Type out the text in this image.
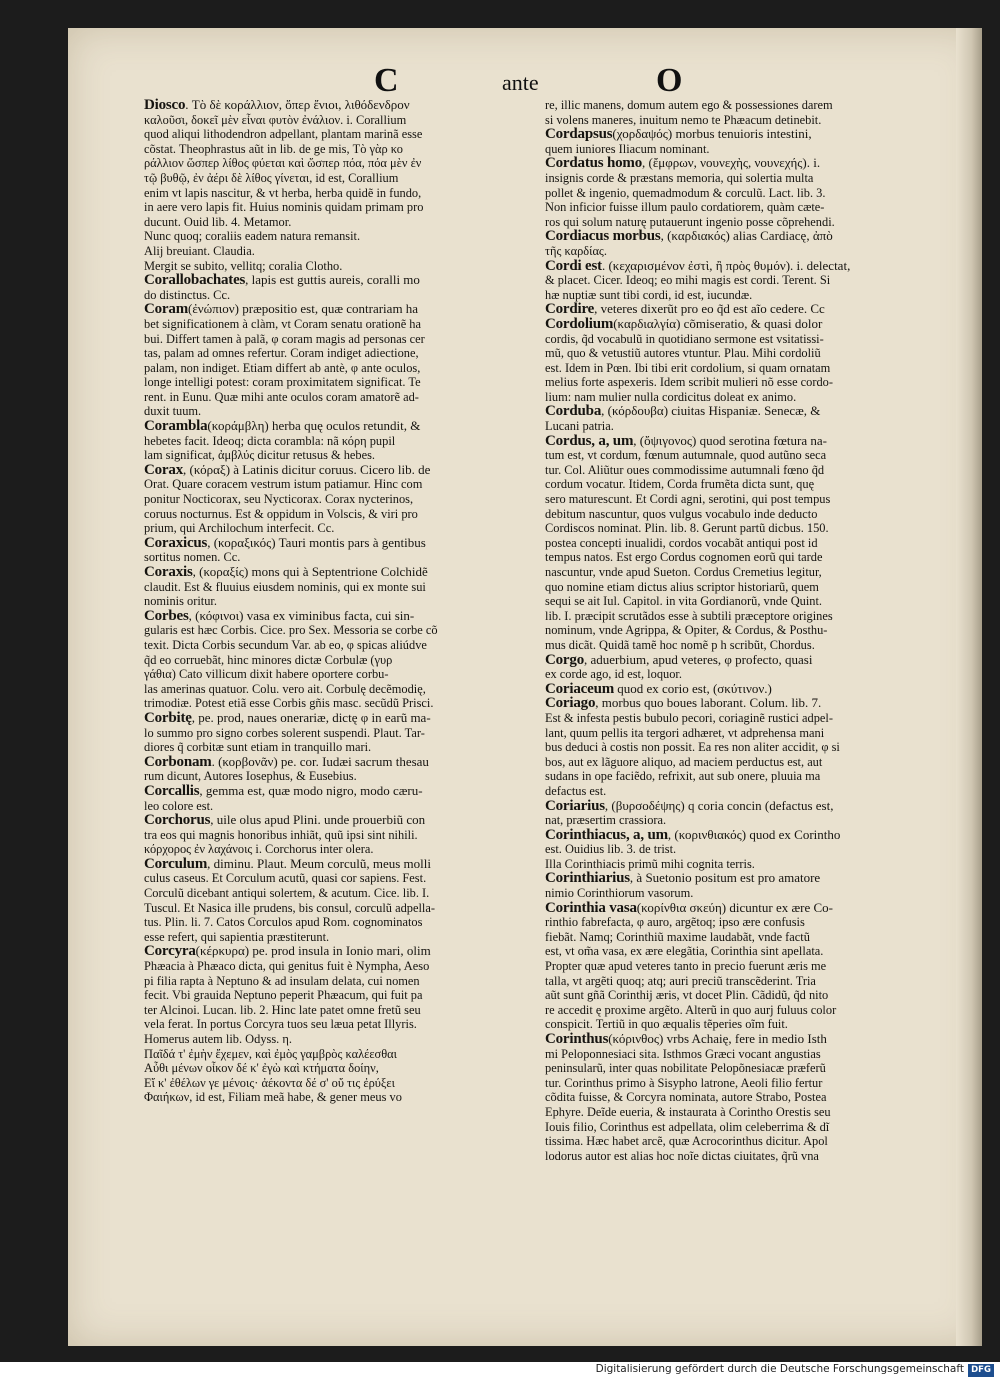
C	ante	O
Diosco. Τὸ δὲ κοράλλιον, ὅπερ ἔνιοι, λιθόδενδρον
καλοῦσι, δοκεῖ μὲν εἶναι φυτὸν ἐνάλιον. i. Corallium
quod aliqui lithodendron adpellant, plantam marinã esse
cõstat. Theophrastus aũt in lib. de ge mis, Τὸ γὰρ κο
ράλλιον ὥσπερ λίθος φύεται καὶ ὥσπερ πόα, πόα μὲν ἐν
τῷ βυθῷ, ἐν ἀέρι δὲ λίθος γίνεται, id est, Corallium
enim vt lapis nascitur, & vt herba, herba quidẽ in fundo,
in aere vero lapis fit. Huius nominis quidam primam pro
ducunt. Ouid lib. 4. Metamor.
Nunc quoq; coraliis eadem natura remansit.
Alij breuiant. Claudia.
Mergit se subito, vellitq; coralia Clotho.
Corallobachates, lapis est guttis aureis, coralli mo
do distinctus. Cc.
Coram(ἐνώπιον) præpositio est, quæ contrariam ha
bet significationem à clàm, vt Coram senatu orationẽ ha
bui. Differt tamen à palã, φ coram magis ad personas cer
tas, palam ad omnes refertur. Coram indiget adiectione,
palam, non indiget. Etiam differt ab antè, φ ante oculos,
longe intelligi potest: coram proximitatem significat. Te
rent. in Eunu. Quæ mihi ante oculos coram amatorẽ ad-
duxit tuum.
Corambla(κοράμβλη) herba quę oculos retundit, &
hebetes facit. Ideoq; dicta corambla: nã κόρη pupil
lam significat, ἀμβλύς dicitur retusus & hebes.
Corax, (κόραξ) à Latinis dicitur coruus. Cicero lib. de
Orat. Quare coracem vestrum istum patiamur. Hinc com
ponitur Nocticorax, seu Nycticorax. Corax nycterinos,
coruus nocturnus. Est & oppidum in Volscis, & viri pro
prium, qui Archilochum interfecit. Cc.
Coraxicus, (κοραξικός) Tauri montis pars à gentibus
sortitus nomen. Cc.
Coraxis, (κοραξίς) mons qui à Septentrione Colchidẽ
claudit. Est & fluuius eiusdem nominis, qui ex monte sui
nominis oritur.
Corbes, (κόφινοι) vasa ex viminibus facta, cui sin-
gularis est hæc Corbis. Cice. pro Sex. Messoria se corbe cõ
texit. Dicta Corbis secundum Var. ab eo, φ spicas aliúdve
q̃d eo corruebãt, hinc minores dictæ Corbulæ (γυρ
γάθια) Cato villicum dixit habere oportere corbu-
las amerinas quatuor. Colu. vero ait. Corbulę decẽmodię,
trimodiæ. Potest etiã esse Corbis gñis masc. secũdũ Prisci.
Corbitę, pe. prod, naues onerariæ, dictę φ in earũ ma-
lo summo pro signo corbes solerent suspendi. Plaut. Tar-
diores q̃ corbitæ sunt etiam in tranquillo mari.
Corbonam. (κορβονᾶν) pe. cor. Iudæi sacrum thesau
rum dicunt, Autores Iosephus, & Eusebius.
Corcallis, gemma est, quæ modo nigro, modo cæru-
leo colore est.
Corchorus, uile olus apud Plini. unde prouerbiũ con
tra eos qui magnis honoribus inhiãt, quũ ipsi sint nihili.
κόρχορος ἐν λαχάνοις i. Corchorus inter olera.
Corculum, diminu. Plaut. Meum corculũ, meus molli
culus caseus. Et Corculum acutũ, quasi cor sapiens. Fest.
Corculũ dicebant antiqui solertem, & acutum. Cice. lib. I.
Tuscul. Et Nasica ille prudens, bis consul, corculũ adpella-
tus. Plin. li. 7. Catos Corculos apud Rom. cognominatos
esse refert, qui sapientia præstiterunt.
Corcyra(κέρκυρα) pe. prod insula in Ionio mari, olim
Phæacia à Phæaco dicta, qui genitus fuit è Nympha, Aeso
pi filia rapta à Neptuno & ad insulam delata, cui nomen
fecit. Vbi grauida Neptuno peperit Phæacum, qui fuit pa
ter Alcinoi. Lucan. lib. 2. Hinc late patet omne fretũ seu
vela ferat. In portus Corcyra tuos seu læua petat Illyris.
Homerus autem lib. Odyss. η.
Παῖδά τ' ἐμὴν ἔχεμεν, καὶ ἐμὸς γαμβρὸς καλέεσθαι
Αὖθι μένων οἶκον δέ κ' ἐγὼ καὶ κτήματα δοίην,
Εἴ κ' ἐθέλων γε μένοις· ἀέκοντα δέ σ' οὔ τις ἐρύξει
Φαιήκων, id est, Filiam meã habe, & gener meus vo
re, illic manens, domum autem ego & possessiones darem
si volens maneres, inuitum nemo te Phæacum detinebit.
Cordapsus(χορδαψός) morbus tenuioris intestini,
quem iuniores Iliacum nominant.
Cordatus homo, (ἔμφρων, νουνεχὴς, νουνεχής). i.
insignis corde & præstans memoria, qui solertia multa
pollet & ingenio, quemadmodum & corculũ. Lact. lib. 3.
Non inficior fuisse illum paulo cordatiorem, quàm cæte-
ros qui solum naturę putauerunt ingenio posse cõprehendi.
Cordiacus morbus, (καρδιακός) alias Cardiacę, ἀπὸ
τῆς καρδίας.
Cordi est. (κεχαρισμένον ἐστὶ, ἢ πρὸς θυμόν). i. delectat,
& placet. Cicer. Ideoq; eo mihi magis est cordi. Terent. Si
hæ nuptiæ sunt tibi cordi, id est, iucundæ.
Cordire, veteres dixerũt pro eo q̃d est aĩo cedere. Cc
Cordolium(καρδιαλγία) cõmiseratio, & quasi dolor
cordis, q̃d vocabulũ in quotidiano sermone est vsitatissi-
mũ, quo & vetustiũ autores vtuntur. Plau. Mihi cordoliũ
est. Idem in Pœn. Ibi tibi erit cordolium, si quam ornatam
melius forte aspexeris. Idem scribit mulieri nõ esse cordo-
lium: nam mulier nulla cordicitus doleat ex animo.
Corduba, (κόρδουβα) ciuitas Hispaniæ. Senecæ, &
Lucani patria.
Cordus, a, um, (ὄψιγονος) quod serotina fœtura na-
tum est, vt cordum, fœnum autumnale, quod autũno seca
tur. Col. Aliũtur oues commodissime autumnali fœno q̃d
cordum vocatur. Itidem, Corda frumẽta dicta sunt, quę
sero maturescunt. Et Cordi agni, serotini, qui post tempus
debitum nascuntur, quos vulgus vocabulo inde deducto
Cordiscos nominat. Plin. lib. 8. Gerunt partũ dicbus. 150.
postea concepti inualidi, cordos vocabãt antiqui post id
tempus natos. Est ergo Cordus cognomen eorũ qui tarde
nascuntur, vnde apud Sueton. Cordus Cremetius legitur,
quo nomine etiam dictus alius scriptor historiarũ, quem
sequi se ait Iul. Capitol. in vita Gordianorũ, vnde Quint.
lib. I. præcipit scrutãdos esse à subtili præceptore origines
nominum, vnde Agrippa, & Opiter, & Cordus, & Posthu-
mus dicãt. Quidã tamẽ hoc nomẽ p h scribũt, Chordus.
Corgo, aduerbium, apud veteres, φ profecto, quasi
ex corde ago, id est, loquor.
Coriaceum quod ex corio est, (σκύτινον.)
Coriago, morbus quo boues laborant. Colum. lib. 7.
Est & infesta pestis bubulo pecori, coriaginẽ rustici adpel-
lant, quum pellis ita tergori adhæret, vt adprehensa mani
bus deduci à costis non possit. Ea res non aliter accidit, φ si
bos, aut ex lãguore aliquo, ad maciem perductus est, aut
sudans in ope faciẽdo, refrixit, aut sub onere, pluuia ma
defactus est.
Coriarius, (βυρσοδέψης) q coria concin (defactus est,
nat, præsertim crassiora.
Corinthiacus, a, um, (κορινθιακός) quod ex Corintho
est. Ouidius lib. 3. de trist.
Illa Corinthiacis primũ mihi cognita terris.
Corinthiarius, à Suetonio positum est pro amatore
nimio Corinthiorum vasorum.
Corinthia vasa(κορίνθια σκεύη) dicuntur ex ære Co-
rinthio fabrefacta, φ auro, argẽtoq; ipso ære confusis
fiebãt. Namq; Corinthiũ maxime laudabãt, vnde factũ
est, vt om̃a vasa, ex ære elegãtia, Corinthia sint apellata.
Propter quæ apud veteres tanto in precio fuerunt æris me
talla, vt argẽti quoq; atq; auri preciũ transcẽderint. Tria
aũt sunt gñã Corinthij æris, vt docet Plin. Cãdidũ, q̃d nito
re accedit ę proxime argẽto. Alterũ in quo aurj fuluus color
conspicit. Tertiũ in quo æqualis tẽperies oĩm fuit.
Corinthus(κόρινθος) vrbs Achaię, fere in medio Isth
mi Peloponnesiaci sita. Isthmos Græci vocant angustias
peninsularũ, inter quas nobilitate Pelopõnesiacæ præferũ
tur. Corinthus primo à Sisypho latrone, Aeoli filio fertur
cõdita fuisse, & Corcyra nominata, autore Strabo, Postea
Ephyre. Deĩde eueria, & instaurata à Corintho Orestis seu
Iouis filio, Corinthus est adpellata, olim celeberrima & dĩ
tissima. Hæc habet arcẽ, quæ Acrocorinthus dicitur. Apol
lodorus autor est alias hoc noĩe dictas ciuitates, q̃rũ vna
Digitalisierung gefördert durch die Deutsche Forschungsgemeinschaft DFG
